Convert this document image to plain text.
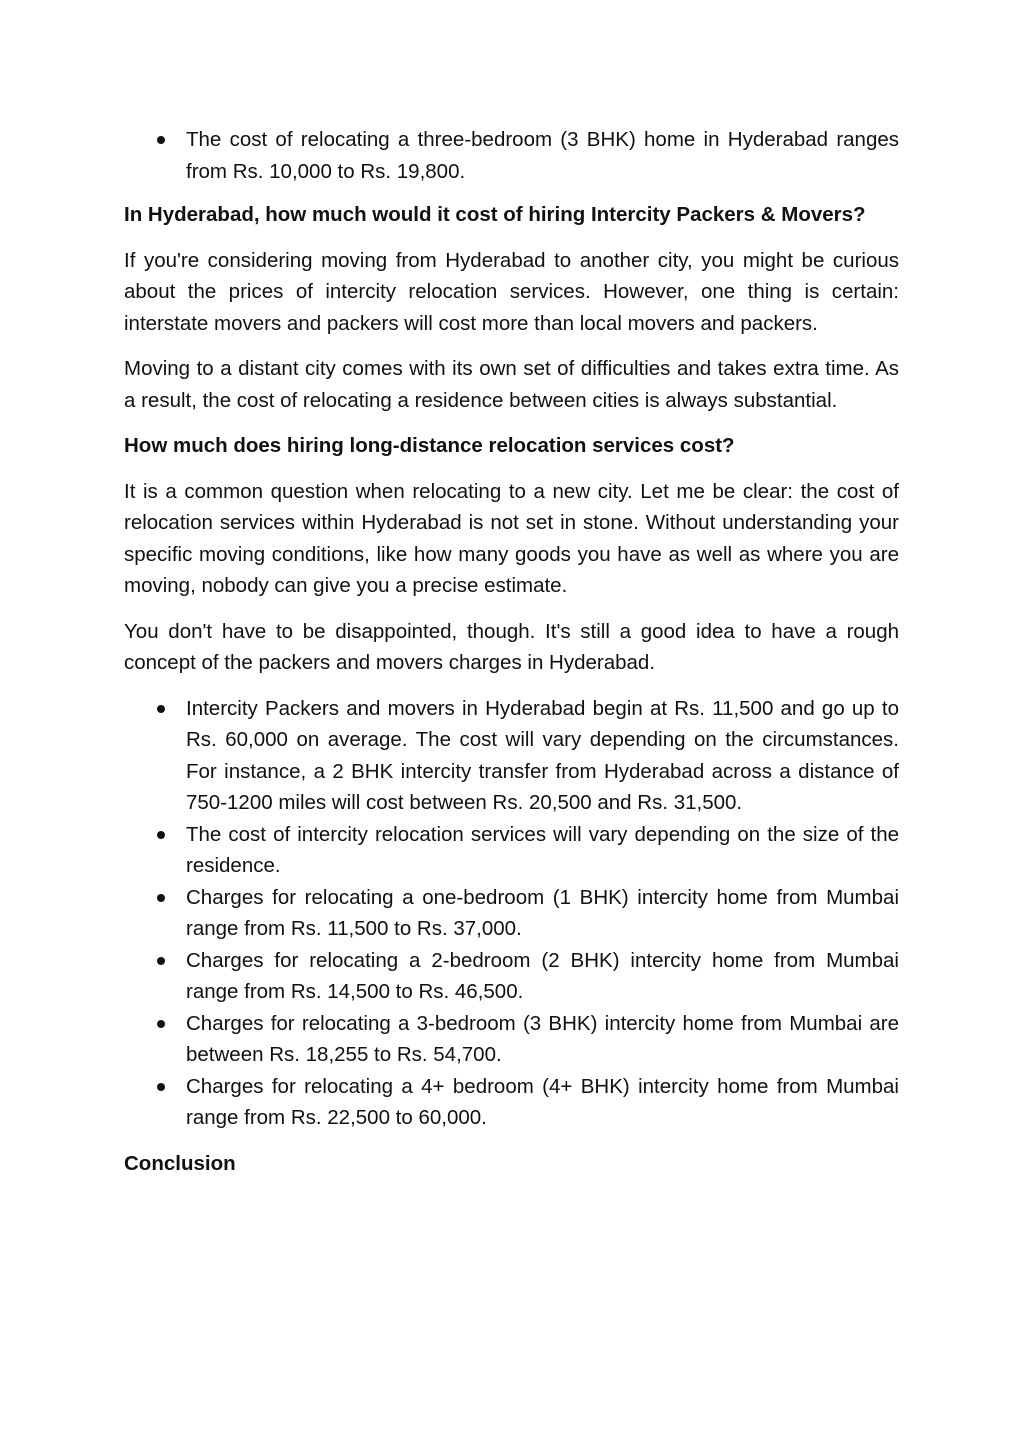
The cost of relocating a three-bedroom (3 BHK) home in Hyderabad ranges from Rs. 10,000 to Rs. 19,800.
In Hyderabad, how much would it cost of hiring Intercity Packers & Movers?

If you're considering moving from Hyderabad to another city, you might be curious about the prices of intercity relocation services. However, one thing is certain: interstate movers and packers will cost more than local movers and packers.

Moving to a distant city comes with its own set of difficulties and takes extra time. As a result, the cost of relocating a residence between cities is always substantial.

How much does hiring long-distance relocation services cost?

It is a common question when relocating to a new city. Let me be clear: the cost of relocation services within Hyderabad is not set in stone. Without understanding your specific moving conditions, like how many goods you have as well as where you are moving, nobody can give you a precise estimate.

You don't have to be disappointed, though. It's still a good idea to have a rough concept of the packers and movers charges in Hyderabad.

Intercity Packers and movers in Hyderabad begin at Rs. 11,500 and go up to Rs. 60,000 on average. The cost will vary depending on the circumstances. For instance, a 2 BHK intercity transfer from Hyderabad across a distance of 750-1200 miles will cost between Rs. 20,500 and Rs. 31,500.
The cost of intercity relocation services will vary depending on the size of the residence.
Charges for relocating a one-bedroom (1 BHK) intercity home from Mumbai range from Rs. 11,500 to Rs. 37,000.
Charges for relocating a 2-bedroom (2 BHK) intercity home from Mumbai range from Rs. 14,500 to Rs. 46,500.
Charges for relocating a 3-bedroom (3 BHK) intercity home from Mumbai are between Rs. 18,255 to Rs. 54,700.
Charges for relocating a 4+ bedroom (4+ BHK) intercity home from Mumbai range from Rs. 22,500 to 60,000.
Conclusion
